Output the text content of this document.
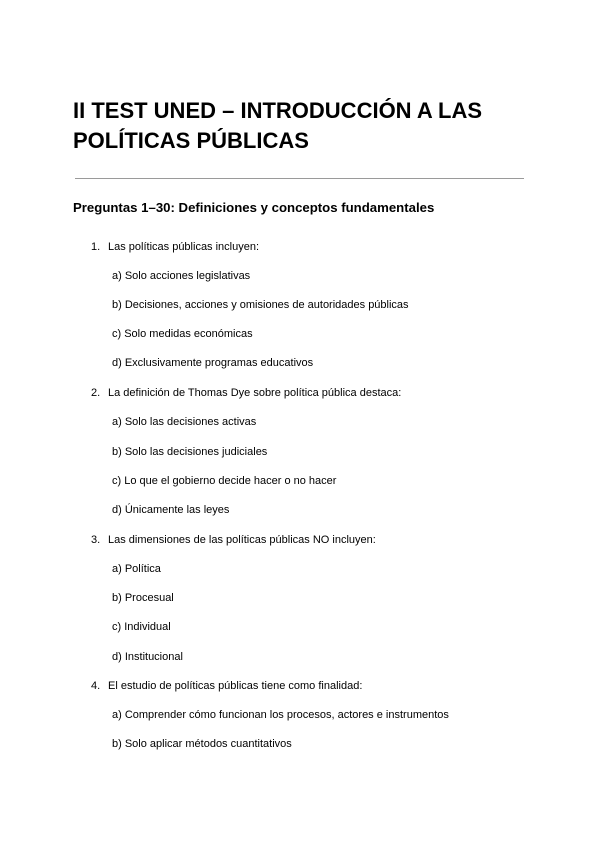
II TEST UNED – INTRODUCCIÓN A LAS
POLÍTICAS PÚBLICAS
Preguntas 1–30: Definiciones y conceptos fundamentales
1. Las políticas públicas incluyen:
a) Solo acciones legislativas
b) Decisiones, acciones y omisiones de autoridades públicas
c) Solo medidas económicas
d) Exclusivamente programas educativos
2. La definición de Thomas Dye sobre política pública destaca:
a) Solo las decisiones activas
b) Solo las decisiones judiciales
c) Lo que el gobierno decide hacer o no hacer
d) Únicamente las leyes
3. Las dimensiones de las políticas públicas NO incluyen:
a) Política
b) Procesual
c) Individual
d) Institucional
4. El estudio de políticas públicas tiene como finalidad:
a) Comprender cómo funcionan los procesos, actores e instrumentos
b) Solo aplicar métodos cuantitativos
